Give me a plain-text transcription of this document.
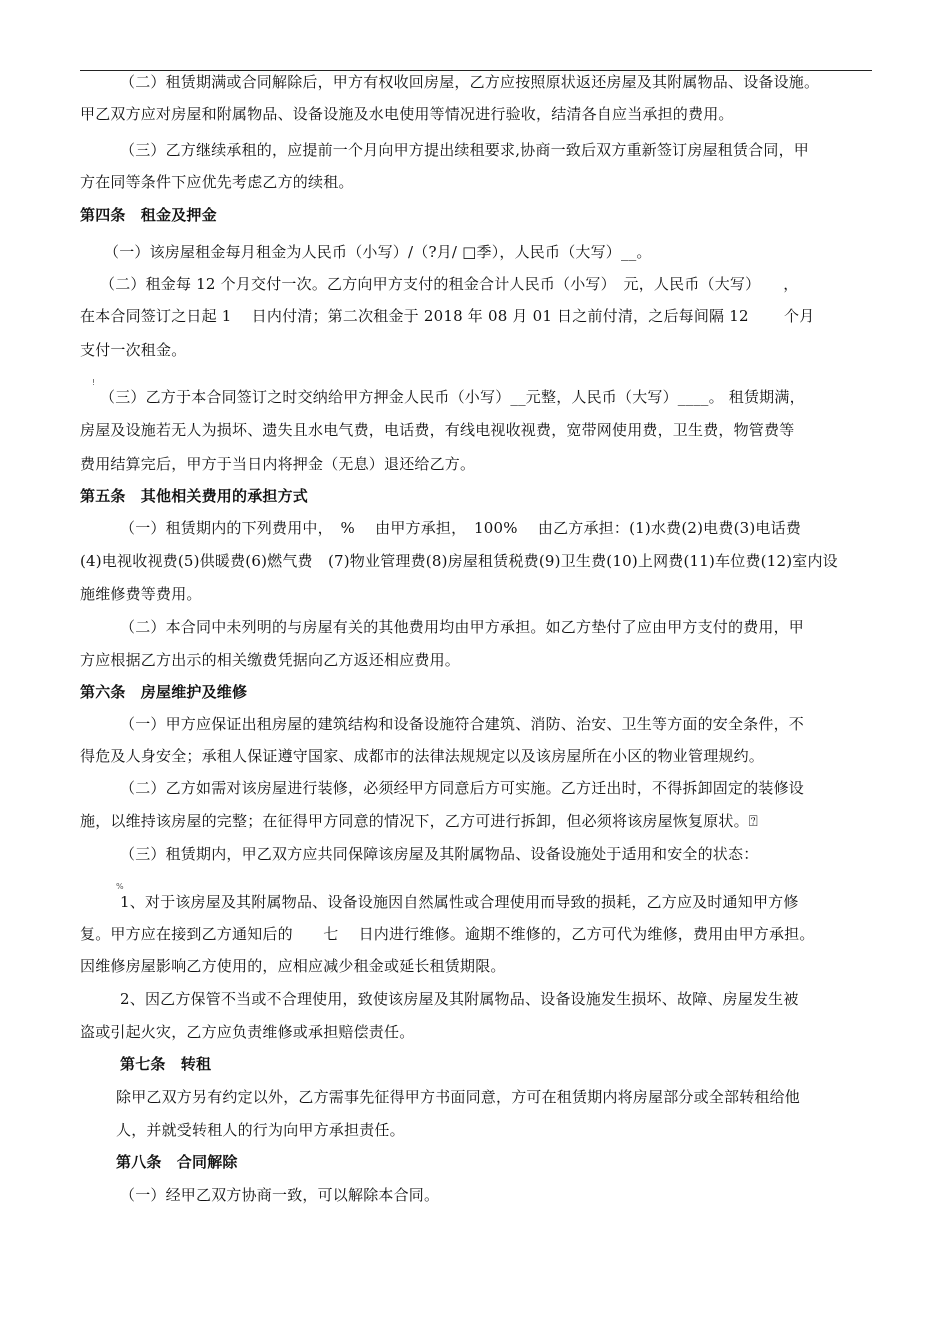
（二）租赁期满或合同解除后，甲方有权收回房屋，乙方应按照原状返还房屋及其附属物品、设备设施。
甲乙双方应对房屋和附属物品、设备设施及水电使用等情况进行验收，结清各自应当承担的费用。
（三）乙方继续承租的，应提前一个月向甲方提出续租要求,协商一致后双方重新签订房屋租赁合同，甲
方在同等条件下应优先考虑乙方的续租。
第四条　租金及押金
（一）该房屋租金每月租金为人民币（小写）/（?月/ □季），人民币（大写）__。
（二）租金每 12 个月交付一次。乙方向甲方支付的租金合计人民币（小写）　元，人民币（大写）　　，
在本合同签订之日起 1　 日内付清；第二次租金于 2018 年 08 月 01 日之前付清，之后每间隔 12　　 个月
支付一次租金。
!
（三）乙方于本合同签订之时交纳给甲方押金人民币（小写）__元整，人民币（大写）____。 租赁期满，
房屋及设施若无人为损坏、遗失且水电气费，电话费，有线电视收视费，宽带网使用费，卫生费，物管费等
费用结算完后，甲方于当日内将押金（无息）退还给乙方。
第五条　其他相关费用的承担方式
（一）租赁期内的下列费用中，　%　 由甲方承担，　100%　 由乙方承担：(1)水费(2)电费(3)电话费
(4)电视收视费(5)供暖费(6)燃气费　(7)物业管理费(8)房屋租赁税费(9)卫生费(10)上网费(11)车位费(12)室内设
施维修费等费用。
（二）本合同中未列明的与房屋有关的其他费用均由甲方承担。如乙方垫付了应由甲方支付的费用，甲
方应根据乙方出示的相关缴费凭据向乙方返还相应费用。
第六条　房屋维护及维修
（一）甲方应保证出租房屋的建筑结构和设备设施符合建筑、消防、治安、卫生等方面的安全条件，不
得危及人身安全；承租人保证遵守国家、成都市的法律法规规定以及该房屋所在小区的物业管理规约。
（二）乙方如需对该房屋进行装修，必须经甲方同意后方可实施。乙方迁出时，不得拆卸固定的装修设
施，以维持该房屋的完整；在征得甲方同意的情况下，乙方可进行拆卸，但必须将该房屋恢复原状。⍰
（三）租赁期内，甲乙双方应共同保障该房屋及其附属物品、设备设施处于适用和安全的状态：
%
1、对于该房屋及其附属物品、设备设施因自然属性或合理使用而导致的损耗，乙方应及时通知甲方修
复。甲方应在接到乙方通知后的　　七　 日内进行维修。逾期不维修的，乙方可代为维修，费用由甲方承担。
因维修房屋影响乙方使用的，应相应减少租金或延长租赁期限。
2、因乙方保管不当或不合理使用，致使该房屋及其附属物品、设备设施发生损坏、故障、房屋发生被
盗或引起火灾，乙方应负责维修或承担赔偿责任。
第七条　转租
除甲乙双方另有约定以外，乙方需事先征得甲方书面同意，方可在租赁期内将房屋部分或全部转租给他
人，并就受转租人的行为向甲方承担责任。
第八条　合同解除
（一）经甲乙双方协商一致，可以解除本合同。
